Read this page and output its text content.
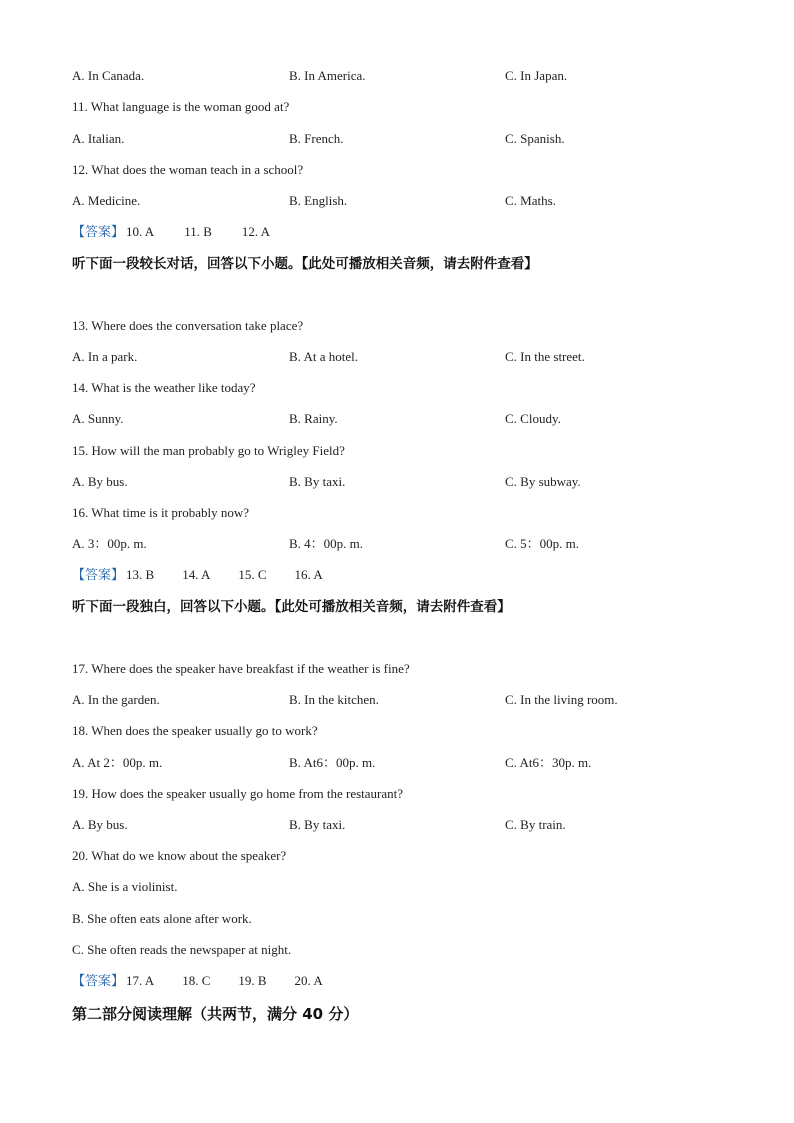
A. In Canada.	B. In America.	C. In Japan.
11. What language is the woman good at?
A. Italian.	B. French.	C. Spanish.
12. What does the woman teach in a school?
A. Medicine.	B. English.	C. Maths.
【答案】 10. A 11. B 12. A
听下面一段较长对话，回答以下小题。【此处可播放相关音频，请去附件查看】
13. Where does the conversation take place?
A. In a park.	B. At a hotel.	C. In the street.
14. What is the weather like today?
A. Sunny.	B. Rainy.	C. Cloudy.
15. How will the man probably go to Wrigley Field?
A. By bus.	B. By taxi.	C. By subway.
16. What time is it probably now?
A. 3：00p. m.	B. 4：00p. m.	C. 5：00p. m.
【答案】 13. B 14. A 15. C 16. A
听下面一段独白，回答以下小题。【此处可播放相关音频，请去附件查看】
17. Where does the speaker have breakfast if the weather is fine?
A. In the garden.	B. In the kitchen.	C. In the living room.
18. When does the speaker usually go to work?
A. At 2：00p. m.	B. At6：00p. m.	C. At6：30p. m.
19. How does the speaker usually go home from the restaurant?
A. By bus.	B. By taxi.	C. By train.
20. What do we know about the speaker?
A. She is a violinist.
B. She often eats alone after work.
C. She often reads the newspaper at night.
【答案】 17. A 18. C 19. B 20. A
第二部分阅读理解（共两节，满分 40 分）
